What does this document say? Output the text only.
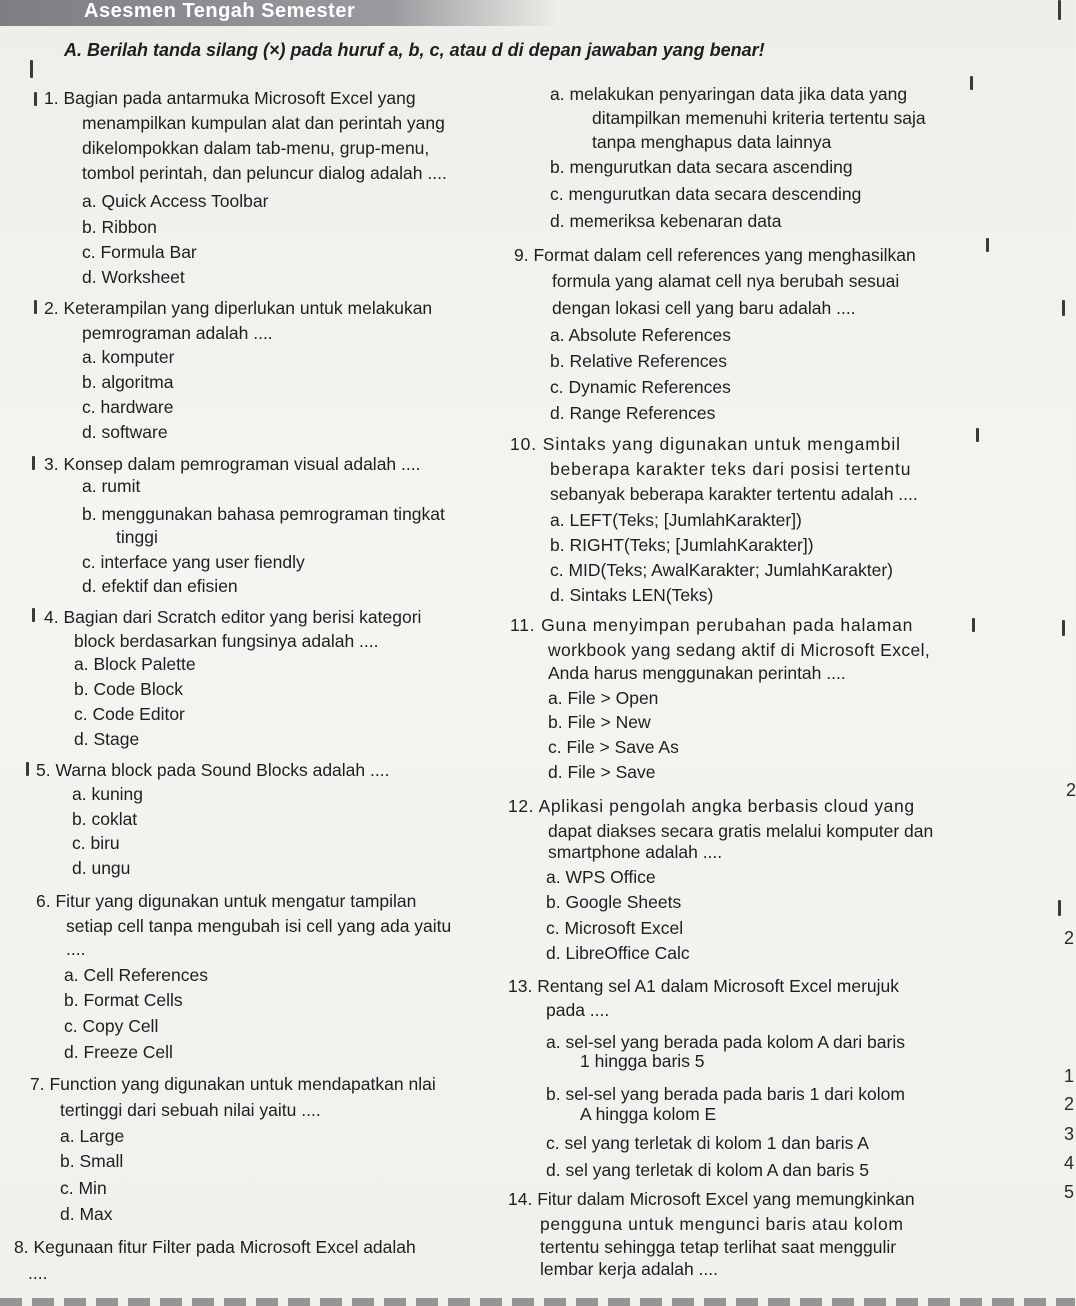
Asesmen Tengah Semester
A. Berilah tanda silang (×) pada huruf a, b, c, atau d di depan jawaban yang benar!
1. Bagian pada antarmuka Microsoft Excel yang
menampilkan kumpulan alat dan perintah yang
dikelompokkan dalam tab-menu, grup-menu,
tombol perintah, dan peluncur dialog adalah ....
a. Quick Access Toolbar
b. Ribbon
c. Formula Bar
d. Worksheet
2. Keterampilan yang diperlukan untuk melakukan
pemrograman adalah ....
a. komputer
b. algoritma
c. hardware
d. software
3. Konsep dalam pemrograman visual adalah ....
a. rumit
b. menggunakan bahasa pemrograman tingkat
tinggi
c. interface yang user fiendly
d. efektif dan efisien
4. Bagian dari Scratch editor yang berisi kategori
block berdasarkan fungsinya adalah ....
a. Block Palette
b. Code Block
c. Code Editor
d. Stage
5. Warna block pada Sound Blocks adalah ....
a. kuning
b. coklat
c. biru
d. ungu
6. Fitur yang digunakan untuk mengatur tampilan
setiap cell tanpa mengubah isi cell yang ada yaitu
....
a. Cell References
b. Format Cells
c. Copy Cell
d. Freeze Cell
7. Function yang digunakan untuk mendapatkan nlai
tertinggi dari sebuah nilai yaitu ....
a. Large
b. Small
c. Min
d. Max
8. Kegunaan fitur Filter pada Microsoft Excel adalah
....
a. melakukan penyaringan data jika data yang
ditampilkan memenuhi kriteria tertentu saja
tanpa menghapus data lainnya
b. mengurutkan data secara ascending
c. mengurutkan data secara descending
d. memeriksa kebenaran data
9. Format dalam cell references yang menghasilkan
formula yang alamat cell nya berubah sesuai
dengan lokasi cell yang baru adalah ....
a. Absolute References
b. Relative References
c. Dynamic References
d. Range References
10. Sintaks yang digunakan untuk mengambil
beberapa karakter teks dari posisi tertentu
sebanyak beberapa karakter tertentu adalah ....
a. LEFT(Teks; [JumlahKarakter])
b. RIGHT(Teks; [JumlahKarakter])
c. MID(Teks; AwalKarakter; JumlahKarakter)
d. Sintaks LEN(Teks)
11. Guna menyimpan perubahan pada halaman
workbook yang sedang aktif di Microsoft Excel,
Anda harus menggunakan perintah ....
a. File > Open
b. File > New
c. File > Save As
d. File > Save
12. Aplikasi pengolah angka berbasis cloud yang
dapat diakses secara gratis melalui komputer dan
smartphone adalah ....
a. WPS Office
b. Google Sheets
c. Microsoft Excel
d. LibreOffice Calc
13. Rentang sel A1 dalam Microsoft Excel merujuk
pada ....
a. sel-sel yang berada pada kolom A dari baris
1 hingga baris 5
b. sel-sel yang berada pada baris 1 dari kolom
A hingga kolom E
c. sel yang terletak di kolom 1 dan baris A
d. sel yang terletak di kolom A dan baris 5
14. Fitur dalam Microsoft Excel yang memungkinkan
pengguna untuk mengunci baris atau kolom
tertentu sehingga tetap terlihat saat menggulir
lembar kerja adalah ....
2
2
1
2
3
4
5
